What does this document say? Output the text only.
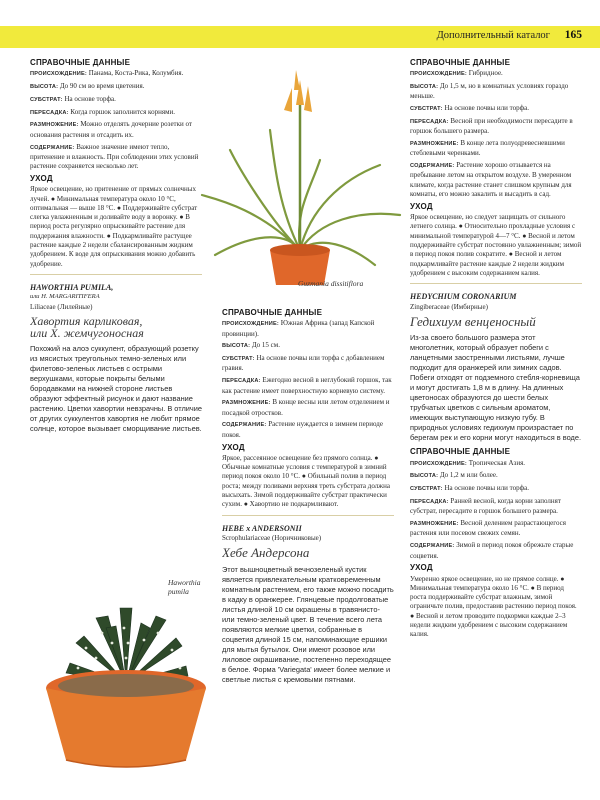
Дополнительный каталог 165
СПРАВОЧНЫЕ ДАННЫЕ
ПРОИСХОЖДЕНИЕ: Панама, Коста-Рика, Колумбия.
ВЫСОТА: До 90 см во время цветения.
СУБСТРАТ: На основе торфа.
ПЕРЕСАДКА: Когда горшок заполнится корнями.
РАЗМНОЖЕНИЕ: Можно отделять дочерние розетки от основания растения и отсадить их.
СОДЕРЖАНИЕ: Важное значение имеют тепло, притенение и влажность. При соблюдении этих условий растение сохраняется несколько лет.
УХОД
Яркое освещение, но притенение от прямых солнечных лучей. ● Минимальная температура около 10 °С, оптимальная — выше 18 °С. ● Поддерживайте субстрат слегка увлажненным и доливайте воду в воронку. ● В период роста регулярно опрыскивайте растение для поддержания влажности. ● Подкармливайте растущее растение каждые 2 недели сбалансированным жидким удобрением. К воде для опрыскивания можно добавить удобрение.
HAWORTHIA PUMILA,
или H. MARGARITIFERA
Liliaceae (Лилейные)
Хавортия карликовая,
или Х. жемчугоносная
Похожий на алоэ суккулент, образующий розетку из мясистых треугольных темно-зеленых или филетово-зеленых листьев с острыми верхушками, которые покрыты белыми бородавками на нижней стороне листьев образуют эффектный рисунок и дают название растению. Цветки хавортии невзрачны. В отличие от других суккулентов хавортия не любит прямое солнце, которое вызывает сморщивание листьев.
Guzmania dissitiflora
СПРАВОЧНЫЕ ДАННЫЕ
ПРОИСХОЖДЕНИЕ: Южная Африка (запад Капской провинции).
ВЫСОТА: До 15 см.
СУБСТРАТ: На основе почвы или торфа с добавлением гравия.
ПЕРЕСАДКА: Ежегодно весной в неглубокий горшок, так как растение имеет поверхностную корневую систему.
РАЗМНОЖЕНИЕ: В конце весны или летом отделением и посадкой отростков.
СОДЕРЖАНИЕ: Растение нуждается в зимнем периоде покоя.
УХОД
Яркое, рассеянное освещение без прямого солнца. ● Обычные комнатные условия с температурой в зимний период покоя около 10 °С. ● Обильный полив в период роста; между поливами верхняя треть субстрата должна высыхать. Зимой поддерживайте субстрат практически сухим. ● Хавортию не подкармливают.
HEBE x ANDERSONII
Scrophulariaceae (Норичниковые)
Хебе Андерсона
Этот вышноцветный вечнозеленый кустик является привлекательным кратковременным комнатным растением, его также можно посадить в кадку в оранжерее. Глянцевые продолговатые листья длиной 10 см окрашены в травянисто- или темно-зеленый цвет. В течение всего лета появляются мелкие цветки, собранные в соцветия длиной 15 см, напоминающие ершики для мытья бутылок. Они имеют розовое или лиловое окрашивание, постепенно переходящее в белое. Форма 'Variegata' имеет более мелкие и светлые листья с кремовыми пятнами.
Haworthia pumila
СПРАВОЧНЫЕ ДАННЫЕ
ПРОИСХОЖДЕНИЕ: Гибридное.
ВЫСОТА: До 1,5 м, но в комнатных условиях гораздо меньше.
СУБСТРАТ: На основе почвы или торфа.
ПЕРЕСАДКА: Весной при необходимости пересадите в горшок большего размера.
РАЗМНОЖЕНИЕ: В конце лета полуодревесневшими стеблевыми черенками.
СОДЕРЖАНИЕ: Растение хорошо отзывается на пребывание летом на открытом воздухе. В умеренном климате, когда растение станет слишком крупным для комнаты, его можно закалить и высадить в сад.
УХОД
Яркое освещение, но следует защищать от сильного летнего солнца. ● Относительно прохладные условия с минимальной температурой 4—7 °С. ● Весной и летом поддерживайте субстрат постоянно увлажненным; зимой в период покоя полив сократите. ● Весной и летом подкармливайте растение каждые 2 недели жидким удобрением с высоким содержанием калия.
HEDYCHIUM CORONARIUM
Zingiberaceae (Имбирные)
Гедихиум венценосный
Из-за своего большого размера этот многолетник, который образует побеги с ланцетными заостренными листьями, лучше подходит для оранжерей или зимних садов. Побеги отходят от подземного стебля-корневища и могут достигать 1,8 м в длину. На длинных цветоносах образуются до шести белых трубчатых цветков с сильным ароматом, имеющих выступающую низкую губу. В природных условиях гедихиум произрастает по берегам рек и его корни могут находиться в воде.
СПРАВОЧНЫЕ ДАННЫЕ
ПРОИСХОЖДЕНИЕ: Тропическая Азия.
ВЫСОТА: До 1,2 м или более.
СУБСТРАТ: На основе почвы или торфа.
ПЕРЕСАДКА: Ранней весной, когда корни заполнят субстрат, пересадите в горшок большего размера.
РАЗМНОЖЕНИЕ: Весной делением разрастающегося растения или посевом свежих семян.
СОДЕРЖАНИЕ: Зимой в период покоя обрежьте старые соцветия.
УХОД
Умеренно яркое освещение, но не прямое солнце. ● Минимальная температура около 16 °С. ● В период роста поддерживайте субстрат влажным, зимой ограничьте полив, предоставив растению период покоя. ● Весной и летом проводите подкормки каждые 2–3 недели жидким удобрением с высоким содержанием калия.
